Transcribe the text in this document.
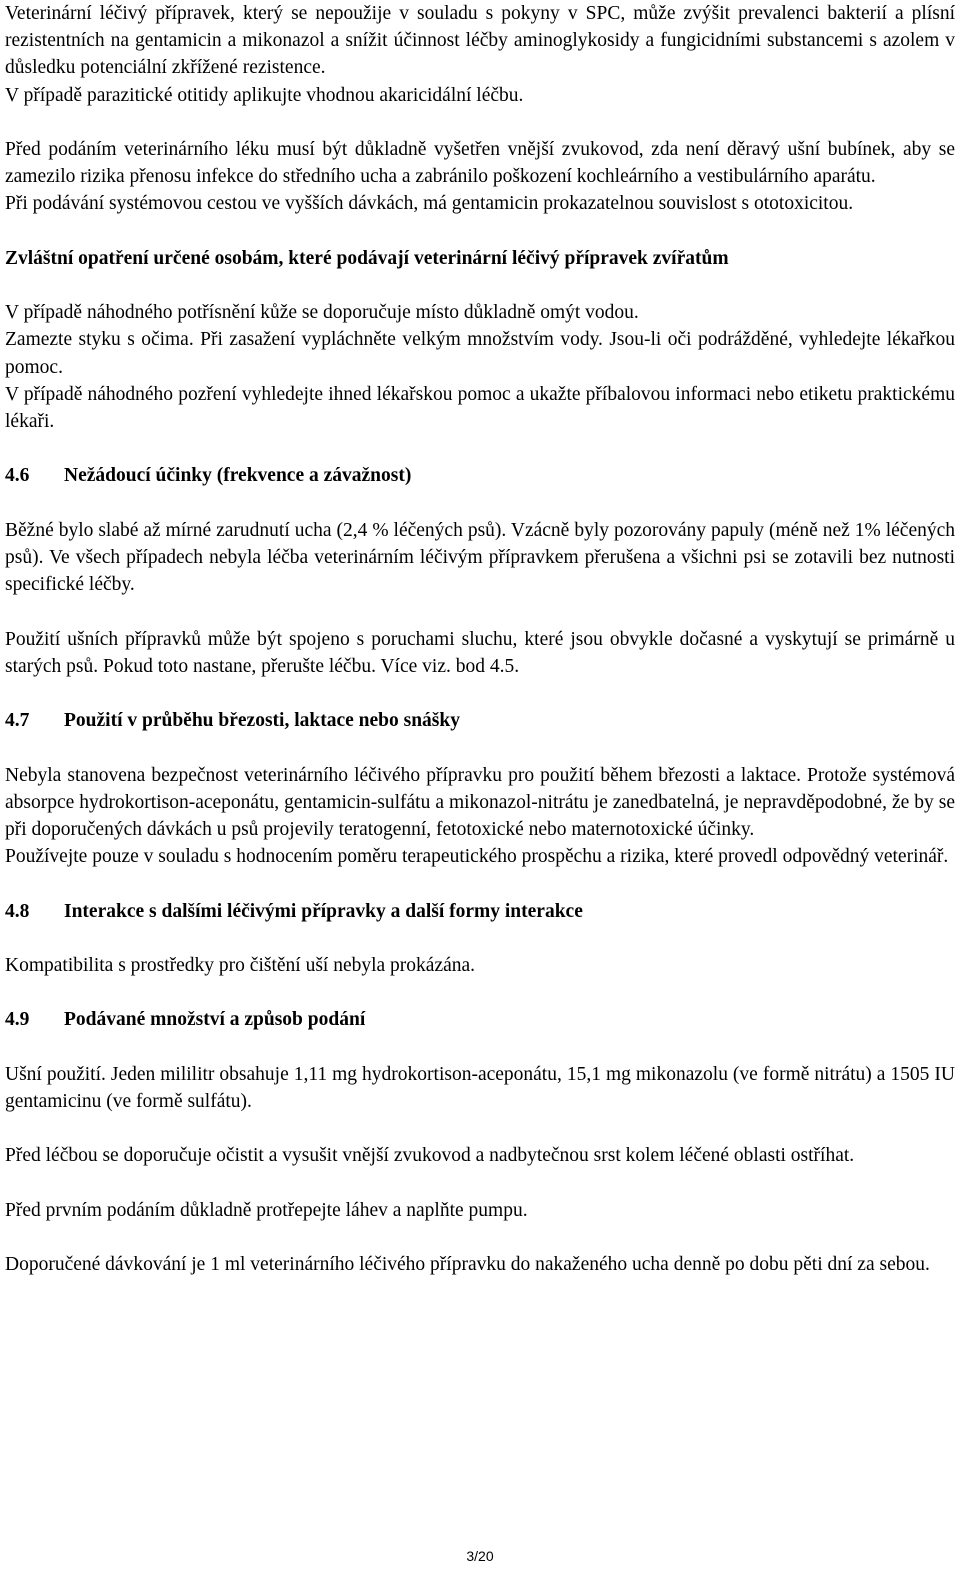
Veterinární léčivý přípravek, který se nepoužije v souladu s pokyny v SPC, může zvýšit prevalenci bakterií a plísní rezistentních na gentamicin a mikonazol a snížit účinnost léčby aminoglykosidy a fungicidními substancemi s azolem v důsledku potenciální zkřížené rezistence.

V případě parazitické otitidy aplikujte vhodnou akaricidální léčbu.

Před podáním veterinárního léku musí být důkladně vyšetřen vnější zvukovod, zda není děravý ušní bubínek, aby se zamezilo rizika přenosu infekce do středního ucha a zabránilo poškození kochleárního a vestibulárního aparátu.

Při podávání systémovou cestou ve vyšších dávkách, má gentamicin prokazatelnou souvislost s ototoxicitou.

Zvláštní opatření určené osobám, které podávají veterinární léčivý přípravek zvířatům

V případě náhodného potřísnění kůže se doporučuje místo důkladně omýt vodou.

Zamezte styku s očima. Při zasažení vypláchněte velkým množstvím vody. Jsou-li oči podrážděné, vyhledejte lékařkou pomoc.

V případě náhodného pozření vyhledejte ihned lékařskou pomoc a ukažte příbalovou informaci nebo etiketu praktickému lékaři.

4.6 Nežádoucí účinky (frekvence a závažnost)

Běžné bylo slabé až mírné zarudnutí ucha (2,4 % léčených psů). Vzácně byly pozorovány papuly (méně než 1% léčených psů). Ve všech případech nebyla léčba veterinárním léčivým přípravkem přerušena a všichni psi se zotavili bez nutnosti specifické léčby.

Použití ušních přípravků může být spojeno s poruchami sluchu, které jsou obvykle dočasné a vyskytují se primárně u starých psů. Pokud toto nastane, přerušte léčbu. Více viz. bod 4.5.

4.7 Použití v průběhu březosti, laktace nebo snášky

Nebyla stanovena bezpečnost veterinárního léčivého přípravku pro použití během březosti a laktace. Protože systémová absorpce hydrokortison-aceponátu, gentamicin-sulfátu a mikonazol-nitrátu je zanedbatelná, je nepravděpodobné, že by se při doporučených dávkách u psů projevily teratogenní, fetotoxické nebo maternotoxické účinky.

Používejte pouze v souladu s hodnocením poměru terapeutického prospěchu a rizika, které provedl odpovědný veterinář.

4.8 Interakce s dalšími léčivými přípravky a další formy interakce

Kompatibilita s prostředky pro čištění uší nebyla prokázána.

4.9 Podávané množství a způsob podání

Ušní použití. Jeden mililitr obsahuje 1,11 mg hydrokortison-aceponátu, 15,1 mg mikonazolu (ve formě nitrátu) a 1505 IU gentamicinu (ve formě sulfátu).

Před léčbou se doporučuje očistit a vysušit vnější zvukovod a nadbytečnou srst kolem léčené oblasti ostříhat.

Před prvním podáním důkladně protřepejte láhev a naplňte pumpu.

Doporučené dávkování je 1 ml veterinárního léčivého přípravku do nakaženého ucha denně po dobu pěti dní za sebou.

3/20
